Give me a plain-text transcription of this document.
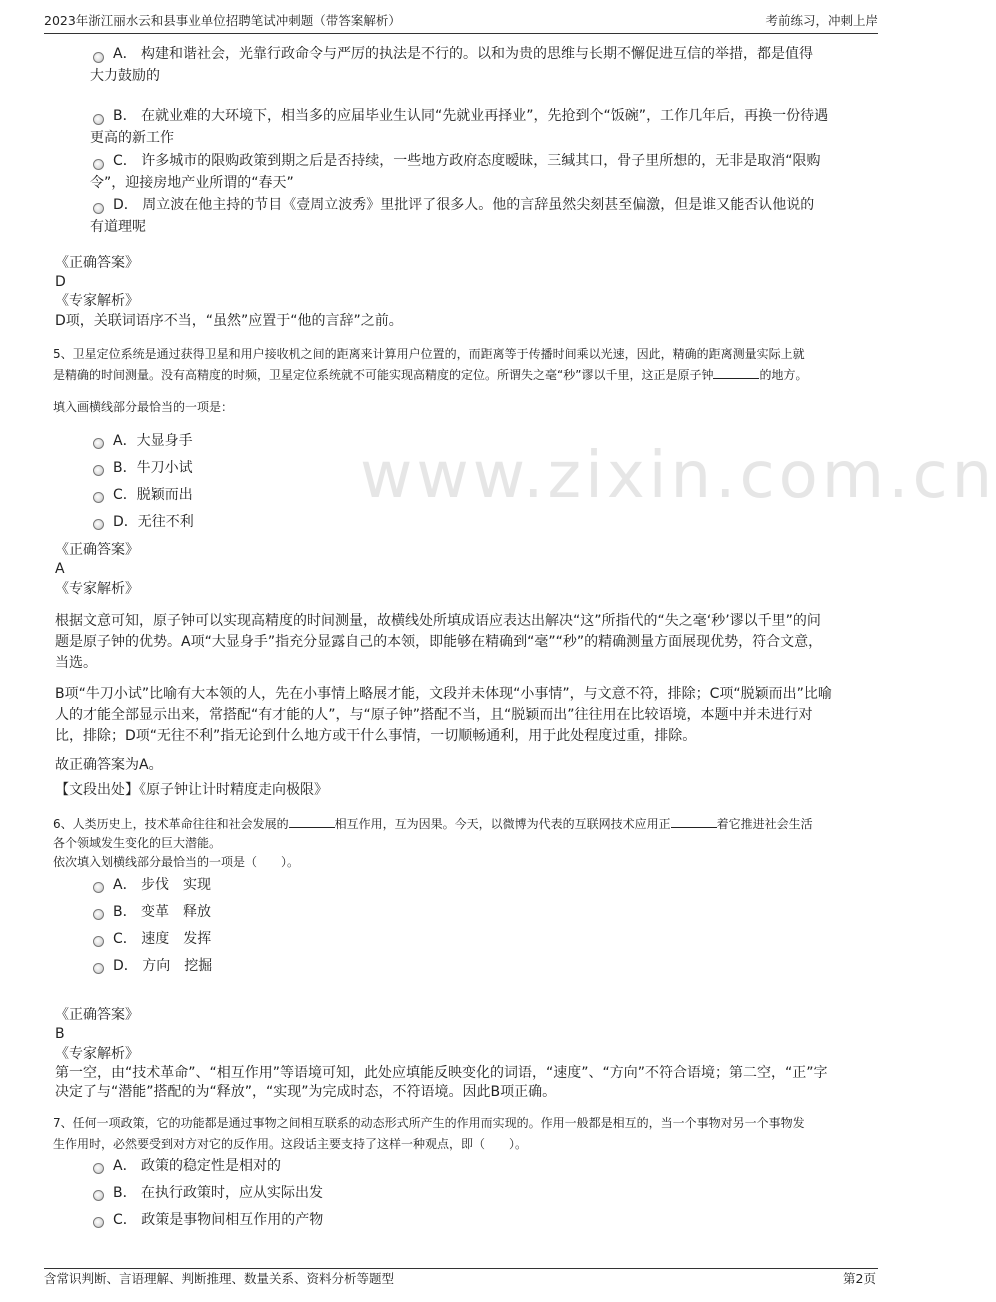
www.zixin.com.cn
2023年浙江丽水云和县事业单位招聘笔试冲刺题（带答案解析）	考前练习，冲刺上岸
A． 构建和谐社会，光靠行政命令与严厉的执法是不行的。以和为贵的思维与长期不懈促进互信的举措，都是值得
大力鼓励的
B． 在就业难的大环境下，相当多的应届毕业生认同“先就业再择业”，先抢到个“饭碗”，工作几年后，再换一份待遇
更高的新工作
C． 许多城市的限购政策到期之后是否持续，一些地方政府态度暧昧，三缄其口，骨子里所想的，无非是取消“限购
令”，迎接房地产业所谓的“春天”
D． 周立波在他主持的节目《壹周立波秀》里批评了很多人。他的言辞虽然尖刻甚至偏激，但是谁又能否认他说的
有道理呢
《正确答案》
D
《专家解析》
D项，关联词语序不当，“虽然”应置于“他的言辞”之前。
5、卫星定位系统是通过获得卫星和用户接收机之间的距离来计算用户位置的，而距离等于传播时间乘以光速，因此，精确的距离测量实际上就
是精确的时间测量。没有高精度的时频，卫星定位系统就不可能实现高精度的定位。所谓失之毫“秒”谬以千里，这正是原子钟	的地方。
填入画横线部分最恰当的一项是：
A．大显身手
B．牛刀小试
C．脱颖而出
D．无往不利
《正确答案》
A
《专家解析》
根据文意可知，原子钟可以实现高精度的时间测量，故横线处所填成语应表达出解决“这”所指代的“失之毫‘秒’谬以千里”的问
题是原子钟的优势。A项“大显身手”指充分显露自己的本领，即能够在精确到“毫”“秒”的精确测量方面展现优势，符合文意，
当选。
B项“牛刀小试”比喻有大本领的人，先在小事情上略展才能，文段并未体现“小事情”，与文意不符，排除；C项“脱颖而出”比喻
人的才能全部显示出来，常搭配“有才能的人”，与“原子钟”搭配不当，且“脱颖而出”往往用在比较语境，本题中并未进行对
比，排除；D项“无往不利”指无论到什么地方或干什么事情，一切顺畅通利，用于此处程度过重，排除。
故正确答案为A。
【文段出处】《原子钟让计时精度走向极限》
6、人类历史上，技术革命往往和社会发展的	相互作用，互为因果。今天，以微博为代表的互联网技术应用正	着它推进社会生活
各个领域发生变化的巨大潜能。
依次填入划横线部分最恰当的一项是（　　）。
A． 步伐　实现
B． 变革　释放
C． 速度　发挥
D． 方向　挖掘
《正确答案》
B
《专家解析》
第一空，由“技术革命”、“相互作用”等语境可知，此处应填能反映变化的词语，“速度”、“方向”不符合语境；第二空，“正”字
决定了与“潜能”搭配的为“释放”，“实现”为完成时态，不符语境。因此B项正确。
7、任何一项政策，它的功能都是通过事物之间相互联系的动态形式所产生的作用而实现的。作用一般都是相互的，当一个事物对另一个事物发
生作用时，必然要受到对方对它的反作用。这段话主要支持了这样一种观点，即（　　）。
A． 政策的稳定性是相对的
B． 在执行政策时，应从实际出发
C． 政策是事物间相互作用的产物
含常识判断、言语理解、判断推理、数量关系、资料分析等题型	第2页
